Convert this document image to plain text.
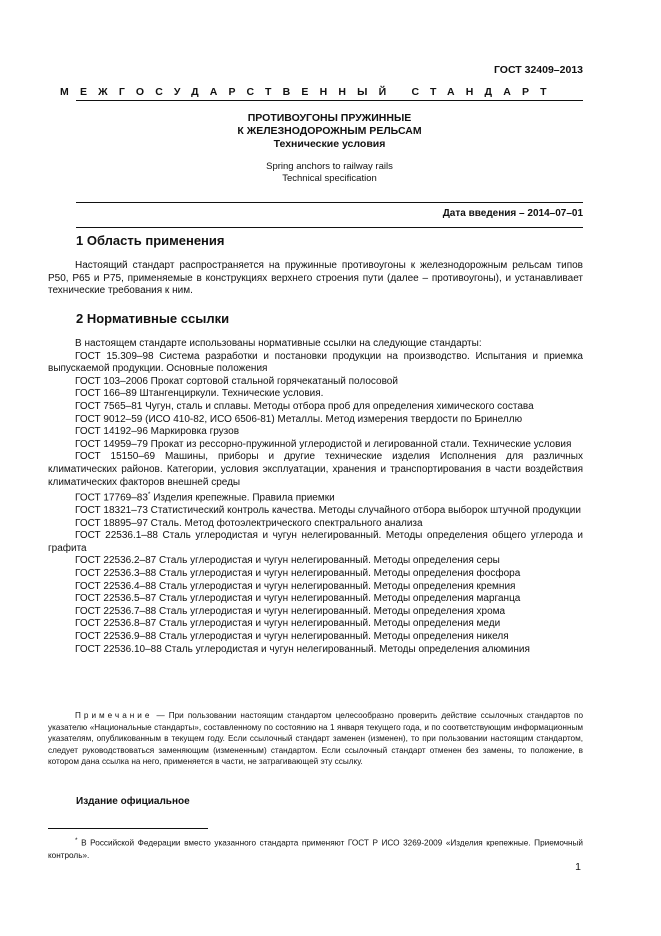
ГОСТ 32409–2013
МЕЖГОСУДАРСТВЕННЫЙ СТАНДАРТ
ПРОТИВОУГОНЫ ПРУЖИННЫЕ
К ЖЕЛЕЗНОДОРОЖНЫМ РЕЛЬСАМ
Технические условия
Spring anchors to railway rails
Technical specification
Дата введения – 2014–07–01
1 Область применения

Настоящий стандарт распространяется на пружинные противоугоны к железнодорожным рельсам типов Р50, Р65 и Р75, применяемые в конструкциях верхнего строения пути (далее – противоугоны), и устанавливает технические требования к ним.

2 Нормативные ссылки

В настоящем стандарте использованы нормативные ссылки на следующие стандарты:

ГОСТ 15.309–98 Система разработки и постановки продукции на производство. Испытания и приемка выпускаемой продукции. Основные положения

ГОСТ 103–2006 Прокат сортовой стальной горячекатаный полосовой

ГОСТ 166–89 Штангенциркули. Технические условия.

ГОСТ 7565–81 Чугун, сталь и сплавы. Методы отбора проб для определения химического состава

ГОСТ 9012–59 (ИСО 410-82, ИСО 6506-81) Металлы. Метод измерения твердости по Бринеллю

ГОСТ 14192–96 Маркировка грузов

ГОСТ 14959–79 Прокат из рессорно-пружинной углеродистой и легированной стали. Технические условия

ГОСТ 15150–69 Машины, приборы и другие технические изделия Исполнения для различных климатических районов. Категории, условия эксплуатации, хранения и транспортирования в части воздействия климатических факторов внешней среды

ГОСТ 17769–83* Изделия крепежные. Правила приемки

ГОСТ 18321–73 Статистический контроль качества. Методы случайного отбора выборок штучной продукции

ГОСТ 18895–97 Сталь. Метод фотоэлектрического спектрального анализа

ГОСТ 22536.1–88 Сталь углеродистая и чугун нелегированный. Методы определения общего углерода и графита

ГОСТ 22536.2–87 Сталь углеродистая и чугун нелегированный. Методы определения серы

ГОСТ 22536.3–88 Сталь углеродистая и чугун нелегированный. Методы определения фосфора

ГОСТ 22536.4–88 Сталь углеродистая и чугун нелегированный. Методы определения кремния

ГОСТ 22536.5–87 Сталь углеродистая и чугун нелегированный. Методы определения марганца

ГОСТ 22536.7–88 Сталь углеродистая и чугун нелегированный. Методы определения хрома

ГОСТ 22536.8–87 Сталь углеродистая и чугун нелегированный. Методы определения меди

ГОСТ 22536.9–88 Сталь углеродистая и чугун нелегированный. Методы определения никеля

ГОСТ 22536.10–88 Сталь углеродистая и чугун нелегированный. Методы определения алюминия

Примечание — При пользовании настоящим стандартом целесообразно проверить действие ссылочных стандартов по указателю «Национальные стандарты», составленному по состоянию на 1 января текущего года, и по соответствующим информационным указателям, опубликованным в текущем году. Если ссылочный стандарт заменен (изменен), то при пользовании настоящим стандартом, следует руководствоваться заменяющим (измененным) стандартом. Если ссылочный стандарт отменен без замены, то положение, в котором дана ссылка на него, применяется в части, не затрагивающей эту ссылку.
Издание официальное
* В Российской Федерации вместо указанного стандарта применяют ГОСТ Р ИСО 3269-2009 «Изделия крепежные. Приемочный контроль».
1
